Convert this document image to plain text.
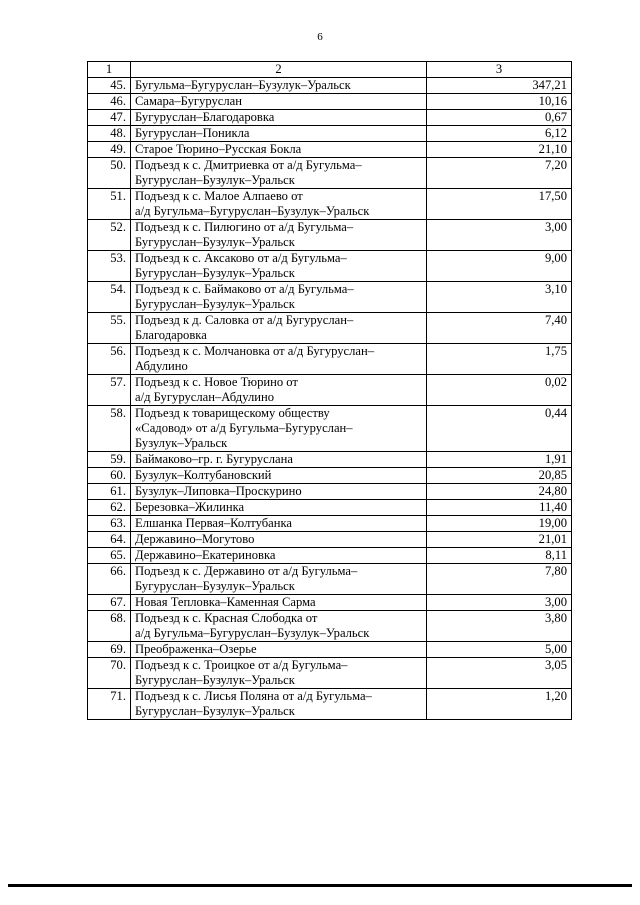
6
1	2	3
45.	Бугульма–Бугуруслан–Бузулук–Уральск	347,21
46.	Самара–Бугуруслан	10,16
47.	Бугуруслан–Благодаровка	0,67
48.	Бугуруслан–Поникла	6,12
49.	Старое Тюрино–Русская Бокла	21,10
50.	Подъезд к с. Дмитриевка от а/д Бугульма–
Бугуруслан–Бузулук–Уральск	7,20
51.	Подъезд к с. Малое Алпаево от
а/д Бугульма–Бугуруслан–Бузулук–Уральск	17,50
52.	Подъезд к с. Пилюгино от а/д Бугульма–
Бугуруслан–Бузулук–Уральск	3,00
53.	Подъезд к с. Аксаково от а/д Бугульма–
Бугуруслан–Бузулук–Уральск	9,00
54.	Подъезд к с. Баймаково от а/д Бугульма–
Бугуруслан–Бузулук–Уральск	3,10
55.	Подъезд к д. Саловка от а/д Бугуруслан–
Благодаровка	7,40
56.	Подъезд к с. Молчановка от а/д Бугуруслан–
Абдулино	1,75
57.	Подъезд к с. Новое Тюрино от
а/д Бугуруслан–Абдулино	0,02
58.	Подъезд к товарищескому обществу
«Садовод» от а/д Бугульма–Бугуруслан–
Бузулук–Уральск	0,44
59.	Баймаково–гр. г. Бугуруслана	1,91
60.	Бузулук–Колтубановский	20,85
61.	Бузулук–Липовка–Проскурино	24,80
62.	Березовка–Жилинка	11,40
63.	Елшанка Первая–Колтубанка	19,00
64.	Державино–Могутово	21,01
65.	Державино–Екатериновка	8,11
66.	Подъезд к с. Державино от а/д Бугульма–
Бугуруслан–Бузулук–Уральск	7,80
67.	Новая Тепловка–Каменная Сарма	3,00
68.	Подъезд к с. Красная Слободка от
а/д Бугульма–Бугуруслан–Бузулук–Уральск	3,80
69.	Преображенка–Озерье	5,00
70.	Подъезд к с. Троицкое от а/д Бугульма–
Бугуруслан–Бузулук–Уральск	3,05
71.	Подъезд к с. Лисья Поляна от а/д Бугульма–
Бугуруслан–Бузулук–Уральск	1,20
